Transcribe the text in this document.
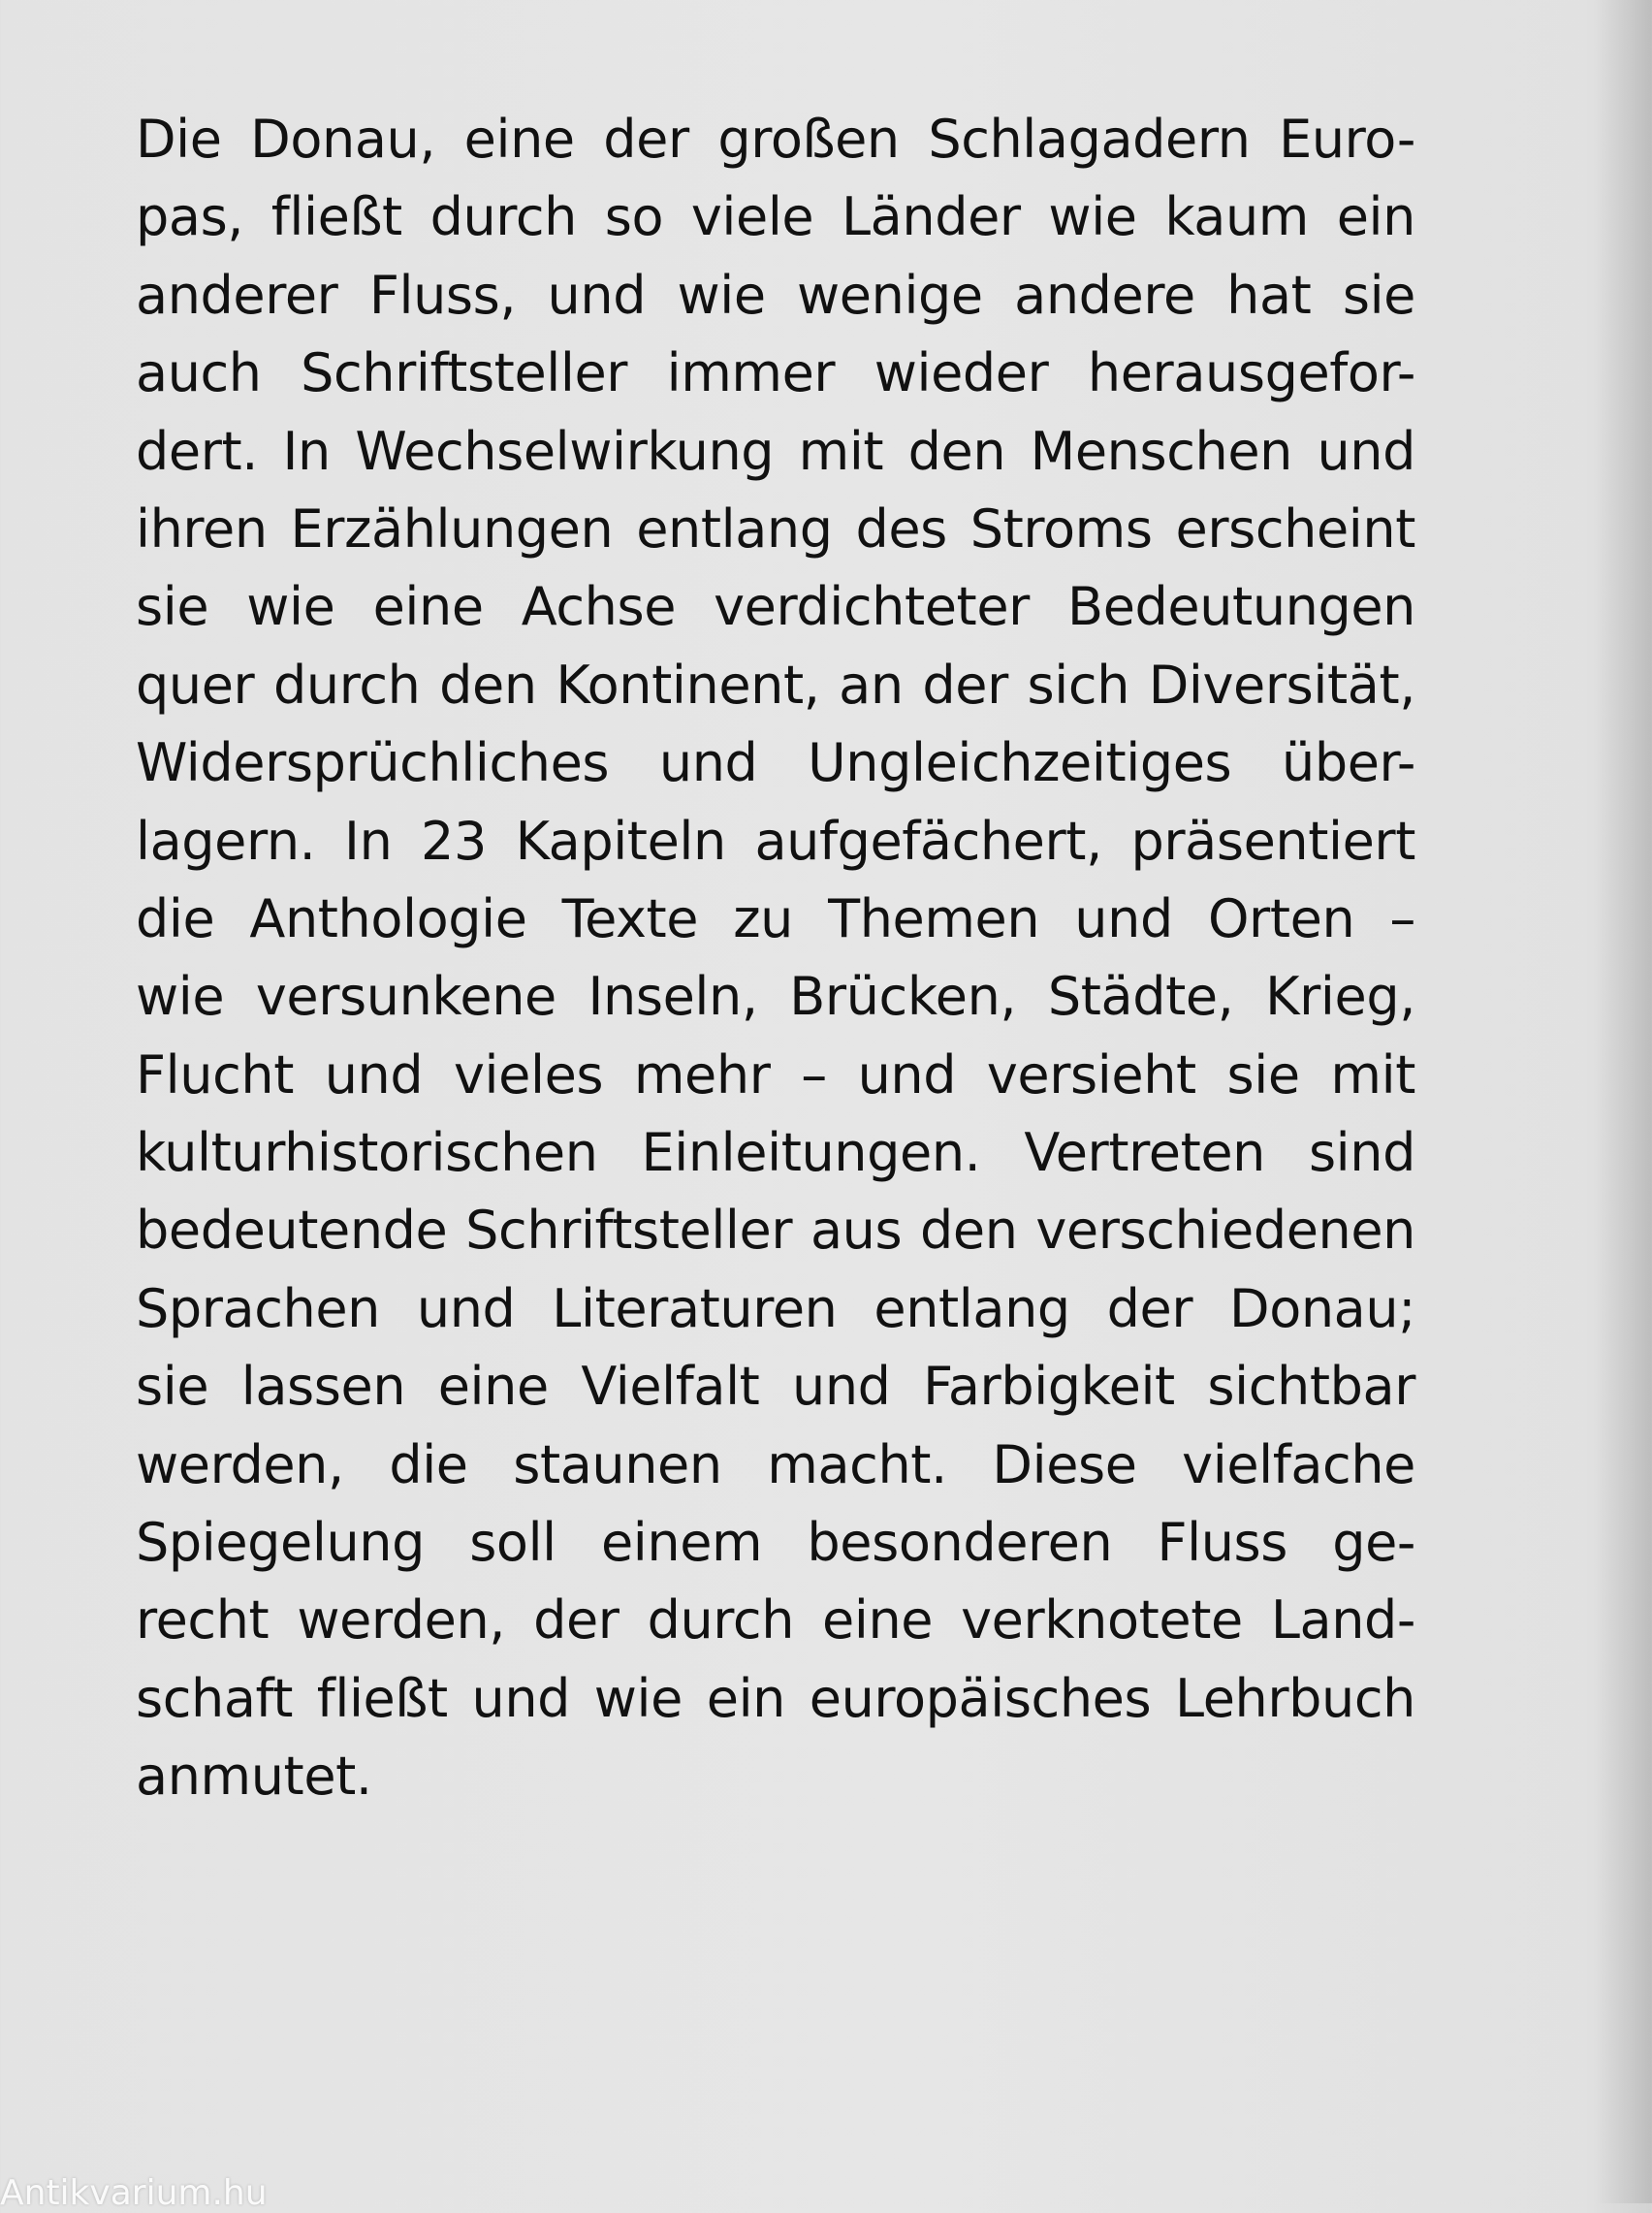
Die Donau, eine der großen Schlagadern Euro-
pas, fließt durch so viele Länder wie kaum ein
anderer Fluss, und wie wenige andere hat sie
auch Schriftsteller immer wieder herausgefor-
dert. In Wechselwirkung mit den Menschen und
ihren Erzählungen entlang des Stroms erscheint
sie wie eine Achse verdichteter Bedeutungen
quer durch den Kontinent, an der sich Diversität,
Widersprüchliches und Ungleichzeitiges über-
lagern. In 23 Kapiteln aufgefächert, präsentiert
die Anthologie Texte zu Themen und Orten –
wie versunkene Inseln, Brücken, Städte, Krieg,
Flucht und vieles mehr – und versieht sie mit
kulturhistorischen Einleitungen. Vertreten sind
bedeutende Schriftsteller aus den verschiedenen
Sprachen und Literaturen entlang der Donau;
sie lassen eine Vielfalt und Farbigkeit sichtbar
werden, die staunen macht. Diese vielfache
Spiegelung soll einem besonderen Fluss ge-
recht werden, der durch eine verknotete Land-
schaft fließt und wie ein europäisches Lehrbuch
anmutet.
Antikvarium.hu
